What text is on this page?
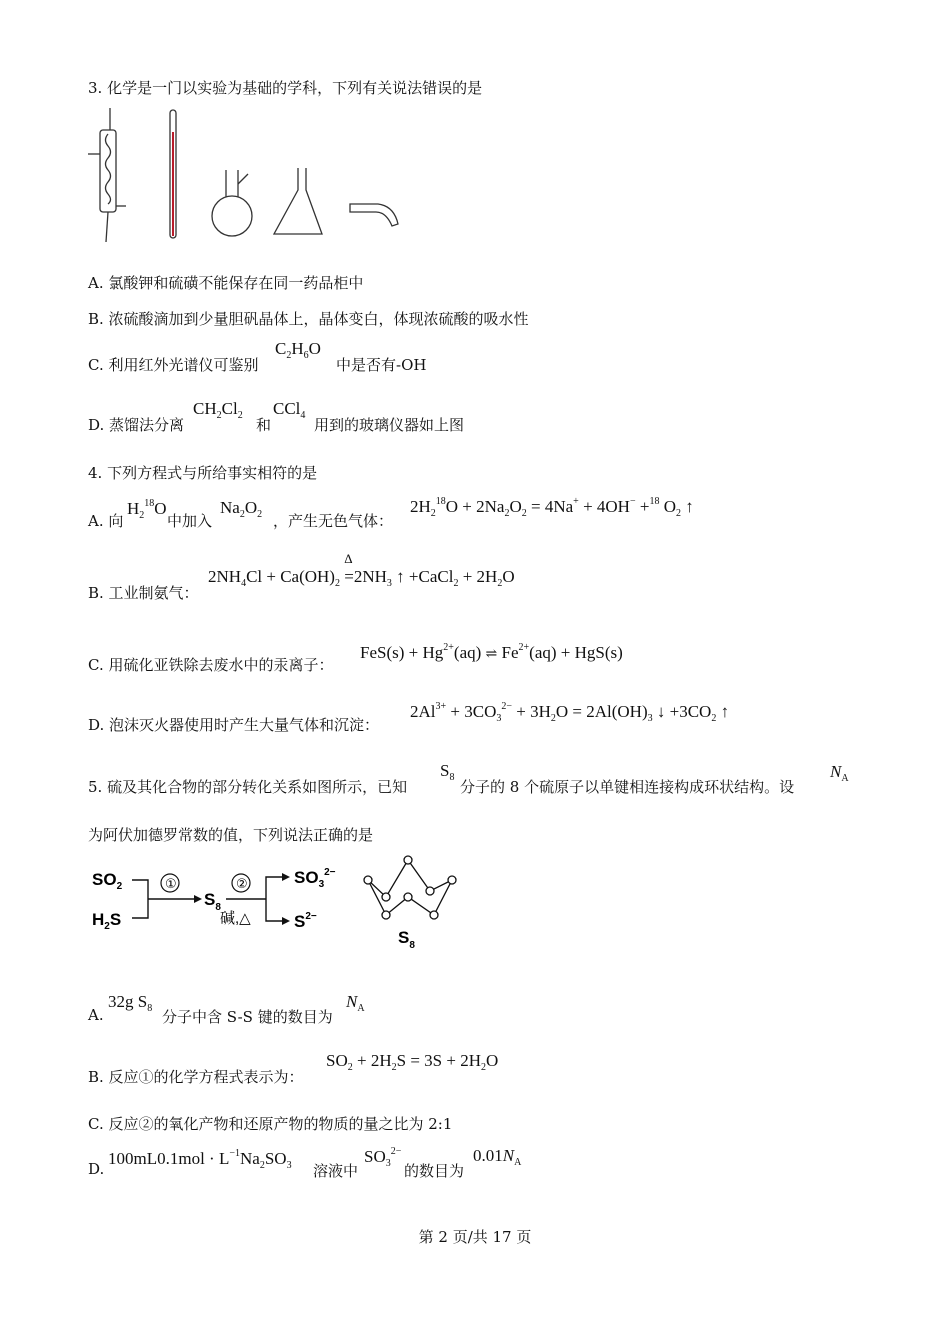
3. 化学是一门以实验为基础的学科，下列有关说法错误的是
A. 氯酸钾和硫磺不能保存在同一药品柜中
B. 浓硫酸滴加到少量胆矾晶体上，晶体变白，体现浓硫酸的吸水性
C. 利用红外光谱仪可鉴别
$C_2H_6O$
中是否有-OH
D. 蒸馏法分离
$CH_2Cl_2$
和
CCl$_4$
用到的玻璃仪器如上图
4. 下列方程式与所给事实相符的是
A. 向
$H_2^{18}O$
中加入
$Na_2O_2$ ，产生无色气体：
$2H_2^{18}O + 2Na_2O_2 = 4Na^+ + 4OH^- +^{18}$ $O_2$ ↑
B. 工业制氨气：
$2NH_4Cl + Ca(OH)_2$
Δ
$=2NH_3$ ↑ +CaCl$_2$ + $2H_2O$
C. 用硫化亚铁除去废水中的汞离子：
$FeS(s) + Hg^{2+}(aq)$ ⇌ $Fe^{2+}(aq) + HgS(s)$
D. 泡沫灭火器使用时产生大量气体和沉淀：
$2Al^{3+} + 3CO_3^{2-} + 3H_2O = 2Al(OH)_3$ ↓ $+3CO_2$ ↑
5. 硫及其化合物的部分转化关系如图所示，已知
$S_8$
分子的 8 个硫原子以单键相连接构成环状结构。设
$N_A$
为阿伏加德罗常数的值，下列说法正确的是
$SO_2$
$H_2S$
①
$S_8$
②
碱,△
$SO_3^{2-}$
$S^{2-}$
$S_8$
A.
32g $S_8$ 分子中含 S-S 键的数目为
$N_A$
B. 反应①的化学方程式表示为：
$SO_2 + 2H_2S = 3S + 2H_2O$
C. 反应②的氧化产物和还原产物的物质的量之比为 2:1
D.
$100mL0.1mol \cdot L^{-1}Na_2SO_3$ 溶液中
$SO_3^{2-}$
的数目为
$0.01N_A$
第 2 页/共 17 页
